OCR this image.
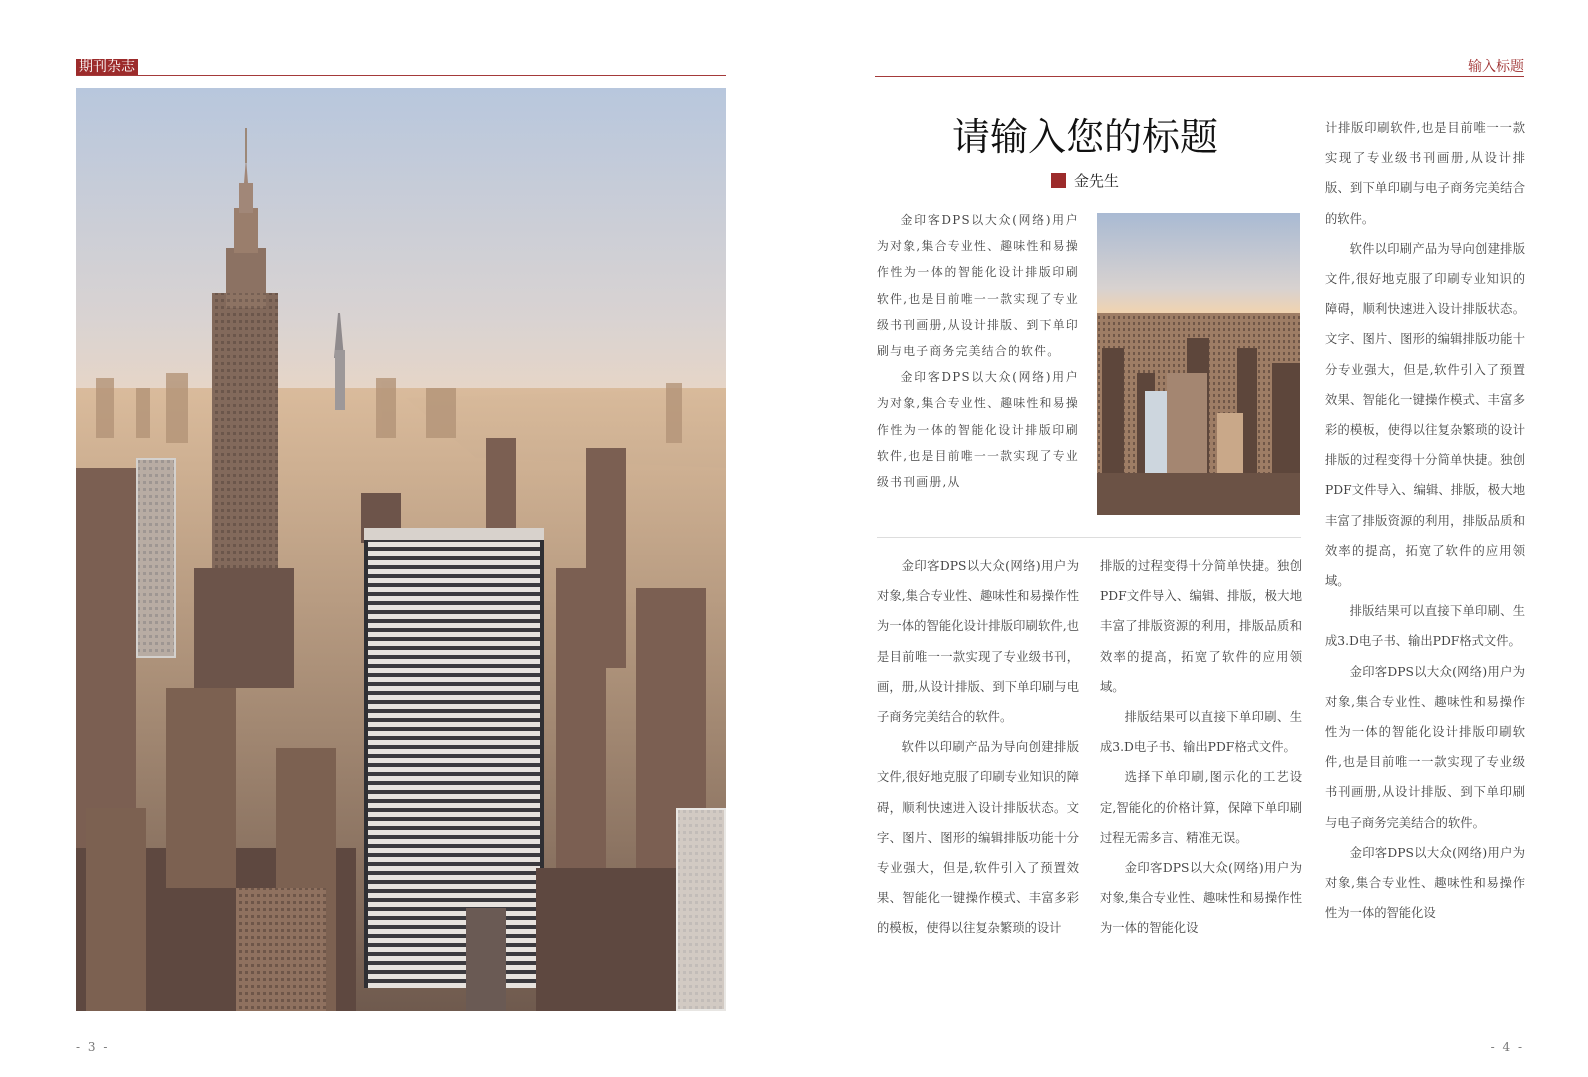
期刊杂志
- 3 -
输入标题
请输入您的标题
金先生

金印客DPS以大众(网络)用户为对象,集合专业性、趣味性和易操作性为一体的智能化设计排版印刷软件,也是目前唯一一款实现了专业级书刊画册,从设计排版、到下单印刷与电子商务完美结合的软件。

金印客DPS以大众(网络)用户为对象,集合专业性、趣味性和易操作性为一体的智能化设计排版印刷软件,也是目前唯一一款实现了专业级书刊画册,从

金印客DPS以大众(网络)用户为对象,集合专业性、趣味性和易操作性为一体的智能化设计排版印刷软件,也是目前唯一一款实现了专业级书刊，画，册,从设计排版、到下单印刷与电子商务完美结合的软件。

软件以印刷产品为导向创建排版文件,很好地克服了印刷专业知识的障碍，顺利快速进入设计排版状态。文字、图片、图形的编辑排版功能十分专业强大，但是,软件引入了预置效果、智能化一键操作模式、丰富多彩的模板，使得以往复杂繁琐的设计

排版的过程变得十分简单快捷。独创PDF文件导入、编辑、排版，极大地丰富了排版资源的利用，排版品质和效率的提高，拓宽了软件的应用领域。

排版结果可以直接下单印刷、生成3.D电子书、输出PDF格式文件。

选择下单印刷,图示化的工艺设定,智能化的价格计算，保障下单印刷过程无需多言、精准无误。

金印客DPS以大众(网络)用户为对象,集合专业性、趣味性和易操作性为一体的智能化设

计排版印刷软件,也是目前唯一一款实现了专业级书刊画册,从设计排版、到下单印刷与电子商务完美结合的软件。

软件以印刷产品为导向创建排版文件,很好地克服了印刷专业知识的障碍，顺利快速进入设计排版状态。文字、图片、图形的编辑排版功能十分专业强大，但是,软件引入了预置效果、智能化一键操作模式、丰富多彩的模板，使得以往复杂繁琐的设计排版的过程变得十分简单快捷。独创PDF文件导入、编辑、排版，极大地丰富了排版资源的利用，排版品质和效率的提高，拓宽了软件的应用领域。

排版结果可以直接下单印刷、生成3.D电子书、输出PDF格式文件。

金印客DPS以大众(网络)用户为对象,集合专业性、趣味性和易操作性为一体的智能化设计排版印刷软件,也是目前唯一一款实现了专业级书刊画册,从设计排版、到下单印刷与电子商务完美结合的软件。

金印客DPS以大众(网络)用户为对象,集合专业性、趣味性和易操作性为一体的智能化设

- 4 -
